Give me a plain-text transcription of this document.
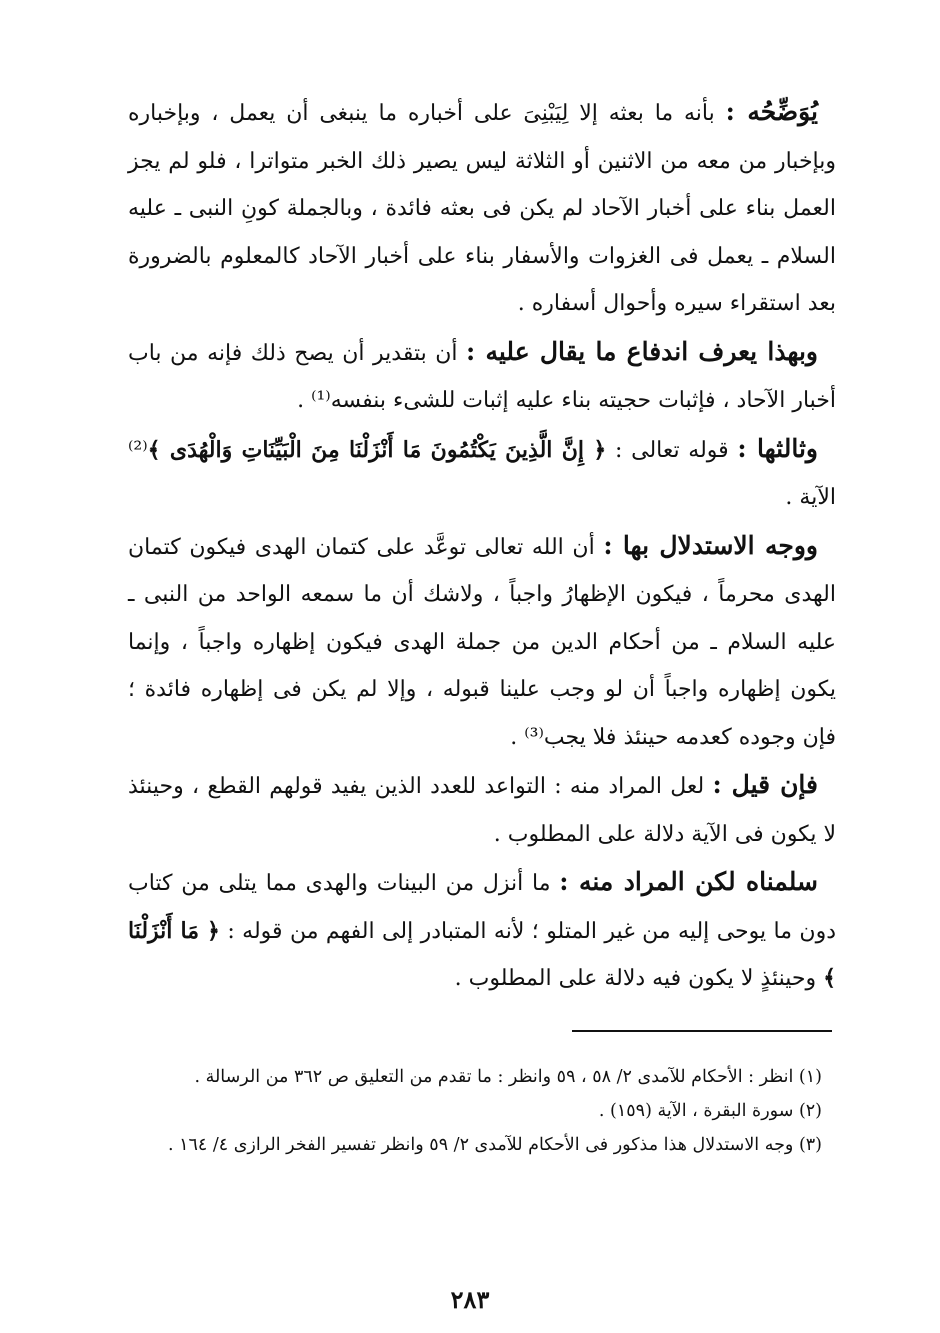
يُوَضِّحُه : بأنه ما بعثه إلا لِيَبْنِىَ على أخباره ما ينبغى أن يعمل ، وبإخباره وبإخبار من معه من الاثنين أو الثلاثة ليس يصير ذلك الخبر متواترا ، فلو لم يجز العمل بناء على أخبار الآحاد لم يكن فى بعثه فائدة ، وبالجملة كونِ النبى ـ عليه السلام ـ يعمل فى الغزوات والأسفار بناء على أخبار الآحاد كالمعلوم بالضرورة بعد استقراء سيره وأحوال أسفاره .

وبهذا يعرف اندفاع ما يقال عليه : أن بتقدير أن يصح ذلك فإنه من باب أخبار الآحاد ، فإثبات حجيته بناء عليه إثبات للشىء بنفسه⁽¹⁾ .

وثالثها : قوله تعالى : ﴿ إِنَّ الَّذِينَ يَكْتُمُونَ مَا أَنْزَلْنَا مِنَ الْبَيِّنَاتِ وَالْهُدَى ﴾⁽²⁾ الآية .

ووجه الاستدلال بها : أن الله تعالى توعَّد على كتمان الهدى فيكون كتمان الهدى محرماً ، فيكون الإظهارُ واجباً ، ولاشك أن ما سمعه الواحد من النبى ـ عليه السلام ـ من أحكام الدين من جملة الهدى فيكون إظهاره واجباً ، وإنما يكون إظهاره واجباً أن لو وجب علينا قبوله ، وإلا لم يكن فى إظهاره فائدة ؛ فإن وجوده كعدمه حينئذ فلا يجب⁽³⁾ .

فإن قيل : لعل المراد منه : التواعد للعدد الذين يفيد قولهم القطع ، وحينئذ لا يكون فى الآية دلالة على المطلوب .

سلمناه لكن المراد منه : ما أنزل من البينات والهدى مما يتلى من كتاب دون ما يوحى إليه من غير المتلو ؛ لأنه المتبادر إلى الفهم من قوله : ﴿ مَا أَنْزَلْنَا ﴾ وحينئذٍ لا يكون فيه دلالة على المطلوب .

(١) انظر : الأحكام للآمدى ٢/ ٥٨ ، ٥٩ وانظر : ما تقدم من التعليق ص ٣٦٢ من الرسالة .

(٢) سورة البقرة ، الآية (١٥٩) .

(٣) وجه الاستدلال هذا مذكور فى الأحكام للآمدى ٢/ ٥٩ وانظر تفسير الفخر الرازى ٤/ ١٦٤ .

٢٨٣
